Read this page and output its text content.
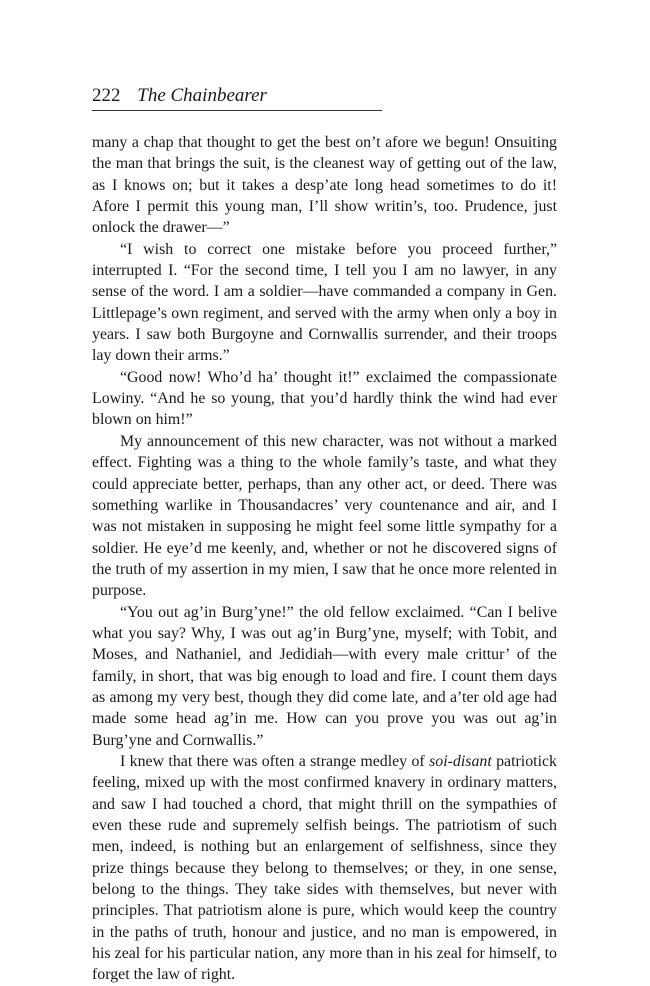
222 The Chainbearer

many a chap that thought to get the best on’t afore we begun! Onsuiting the man that brings the suit, is the cleanest way of getting out of the law, as I knows on; but it takes a desp’ate long head sometimes to do it! Afore I permit this young man, I’ll show writin’s, too. Prudence, just onlock the drawer—”

“I wish to correct one mistake before you proceed further,” interrupted I. “For the second time, I tell you I am no lawyer, in any sense of the word. I am a soldier—have commanded a company in Gen. Littlepage’s own regiment, and served with the army when only a boy in years. I saw both Burgoyne and Cornwallis surrender, and their troops lay down their arms.”

“Good now! Who’d ha’ thought it!” exclaimed the compassionate Lowiny. “And he so young, that you’d hardly think the wind had ever blown on him!”

My announcement of this new character, was not without a marked effect. Fighting was a thing to the whole family’s taste, and what they could appreciate better, perhaps, than any other act, or deed. There was something warlike in Thousandacres’ very countenance and air, and I was not mistaken in supposing he might feel some little sympathy for a soldier. He eye’d me keenly, and, whether or not he discovered signs of the truth of my assertion in my mien, I saw that he once more relented in purpose.

“You out ag’in Burg’yne!” the old fellow exclaimed. “Can I belive what you say? Why, I was out ag’in Burg’yne, myself; with Tobit, and Moses, and Nathaniel, and Jedidiah—with every male crittur’ of the family, in short, that was big enough to load and fire. I count them days as among my very best, though they did come late, and a’ter old age had made some head ag’in me. How can you prove you was out ag’in Burg’yne and Cornwallis.”

I knew that there was often a strange medley of soi-disant patriotick feeling, mixed up with the most confirmed knavery in ordinary matters, and saw I had touched a chord, that might thrill on the sympathies of even these rude and supremely selfish beings. The patriotism of such men, indeed, is nothing but an enlargement of selfishness, since they prize things because they belong to themselves; or they, in one sense, belong to the things. They take sides with themselves, but never with principles. That patriotism alone is pure, which would keep the country in the paths of truth, honour and justice, and no man is empowered, in his zeal for his particular nation, any more than in his zeal for himself, to forget the law of right.
